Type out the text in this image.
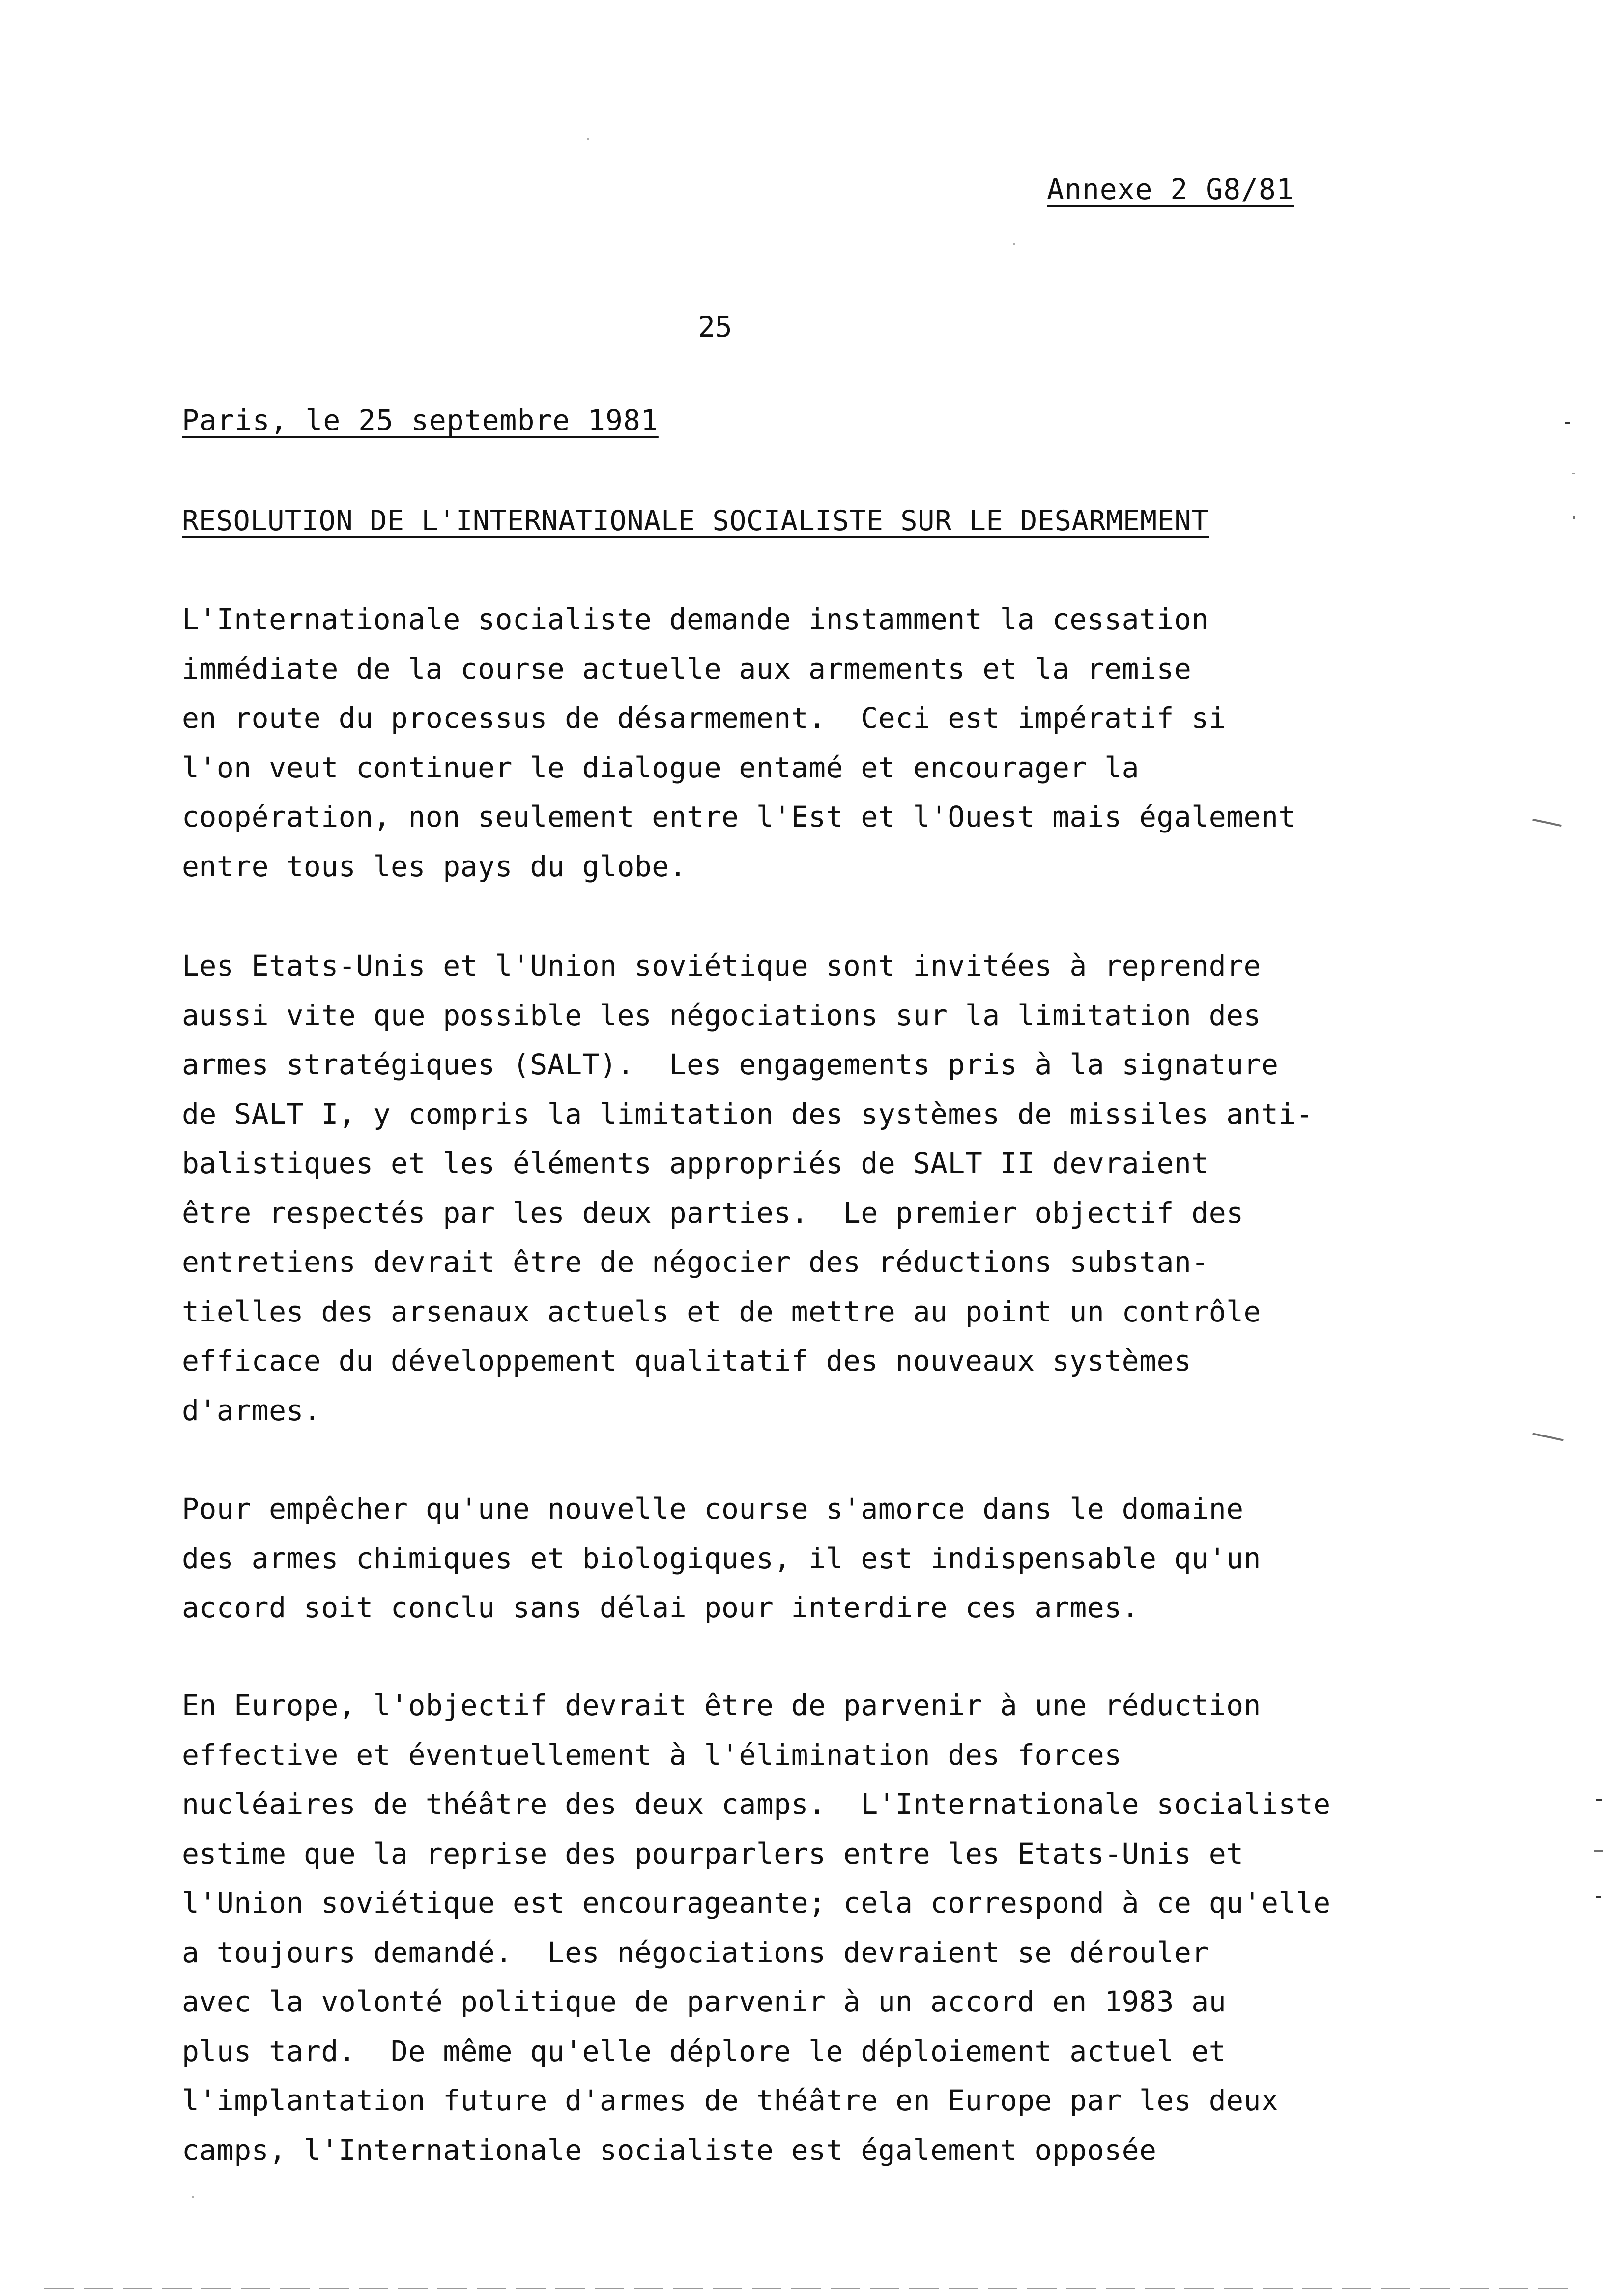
Annexe 2 G8/81
25
Paris, le 25 septembre 1981
RESOLUTION DE L'INTERNATIONALE SOCIALISTE SUR LE DESARMEMENT
L'Internationale socialiste demande instamment la cessation
immédiate de la course actuelle aux armements et la remise
en route du processus de désarmement.  Ceci est impératif si
l'on veut continuer le dialogue entamé et encourager la
coopération, non seulement entre l'Est et l'Ouest mais également
entre tous les pays du globe.
Les Etats-Unis et l'Union soviétique sont invitées à reprendre
aussi vite que possible les négociations sur la limitation des
armes stratégiques (SALT).  Les engagements pris à la signature
de SALT I, y compris la limitation des systèmes de missiles anti-
balistiques et les éléments appropriés de SALT II devraient
être respectés par les deux parties.  Le premier objectif des
entretiens devrait être de négocier des réductions substan-
tielles des arsenaux actuels et de mettre au point un contrôle
efficace du développement qualitatif des nouveaux systèmes
d'armes.
Pour empêcher qu'une nouvelle course s'amorce dans le domaine
des armes chimiques et biologiques, il est indispensable qu'un
accord soit conclu sans délai pour interdire ces armes.
En Europe, l'objectif devrait être de parvenir à une réduction
effective et éventuellement à l'élimination des forces
nucléaires de théâtre des deux camps.  L'Internationale socialiste
estime que la reprise des pourparlers entre les Etats-Unis et
l'Union soviétique est encourageante; cela correspond à ce qu'elle
a toujours demandé.  Les négociations devraient se dérouler
avec la volonté politique de parvenir à un accord en 1983 au
plus tard.  De même qu'elle déplore le déploiement actuel et
l'implantation future d'armes de théâtre en Europe par les deux
camps, l'Internationale socialiste est également opposée
